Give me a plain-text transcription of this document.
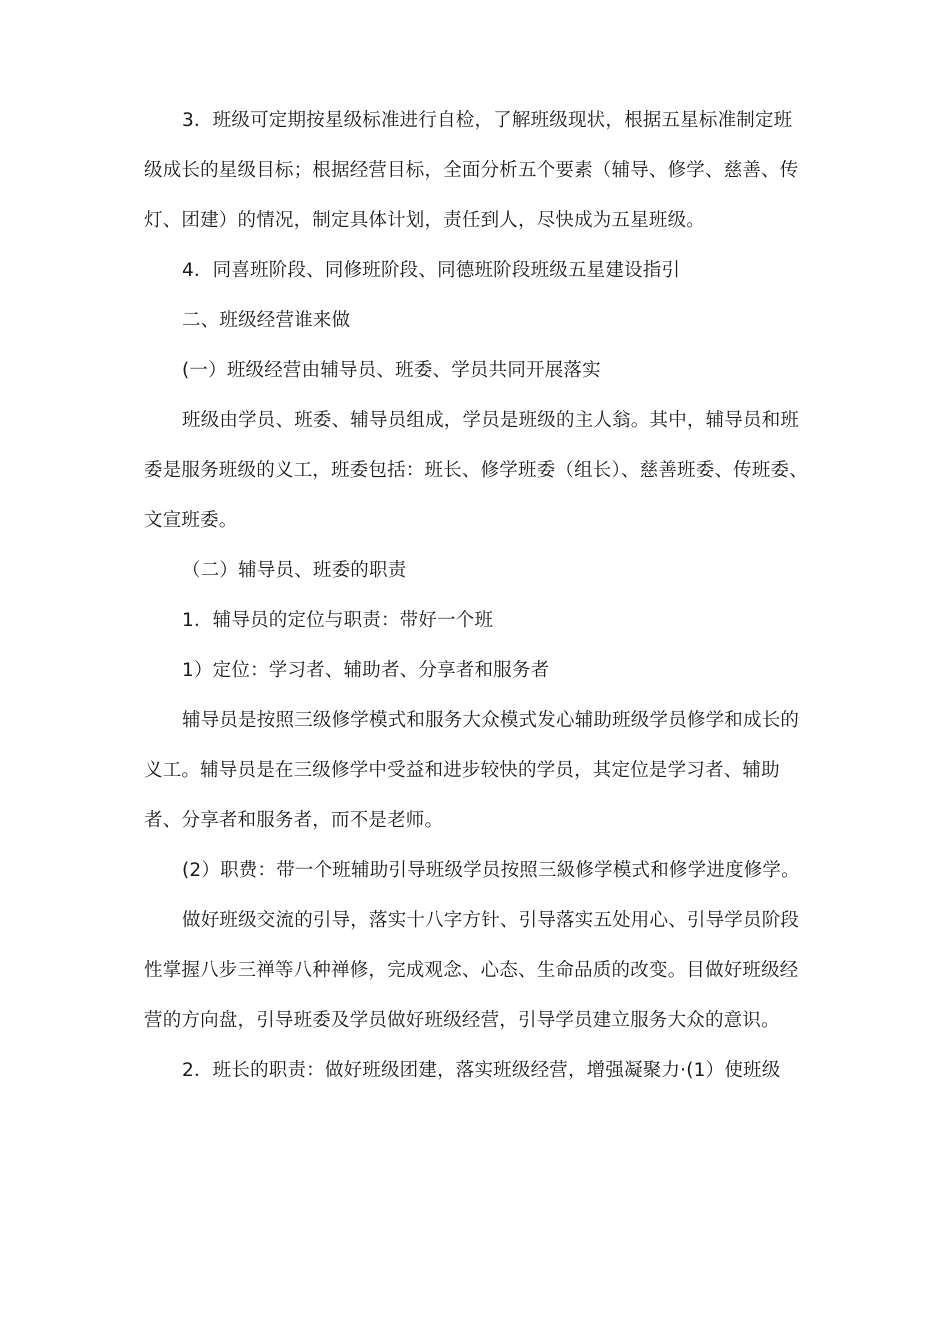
3．班级可定期按星级标准进行自检，了解班级现状，根据五星标准制定班级成长的星级目标；根据经营目标，全面分析五个要素（辅导、修学、慈善、传灯、团建）的情况，制定具体计划，责任到人，尽快成为五星班级。

4．同喜班阶段、同修班阶段、同德班阶段班级五星建设指引

二、班级经营谁来做

(一）班级经营由辅导员、班委、学员共同开展落实

班级由学员、班委、辅导员组成，学员是班级的主人翁。其中，辅导员和班委是服务班级的义工，班委包括：班长、修学班委（组长）、慈善班委、传班委、文宣班委。

（二）辅导员、班委的职责

1．辅导员的定位与职责：带好一个班

1）定位：学习者、辅助者、分享者和服务者

辅导员是按照三级修学模式和服务大众模式发心辅助班级学员修学和成长的义工。辅导员是在三级修学中受益和进步较快的学员，其定位是学习者、辅助者、分享者和服务者，而不是老师。

(2）职费：带一个班辅助引导班级学员按照三級修学模式和修学进度修学。

做好班级交流的引导，落实十八字方针、引导落实五处用心、引导学员阶段性掌握八步三禅等八种禅修，完成观念、心态、生命品质的改变。目做好班级经营的方向盘，引导班委及学员做好班级经营，引导学员建立服务大众的意识。

2．班长的职责：做好班级团建，落实班级经营，增强凝聚力·(1）使班级
